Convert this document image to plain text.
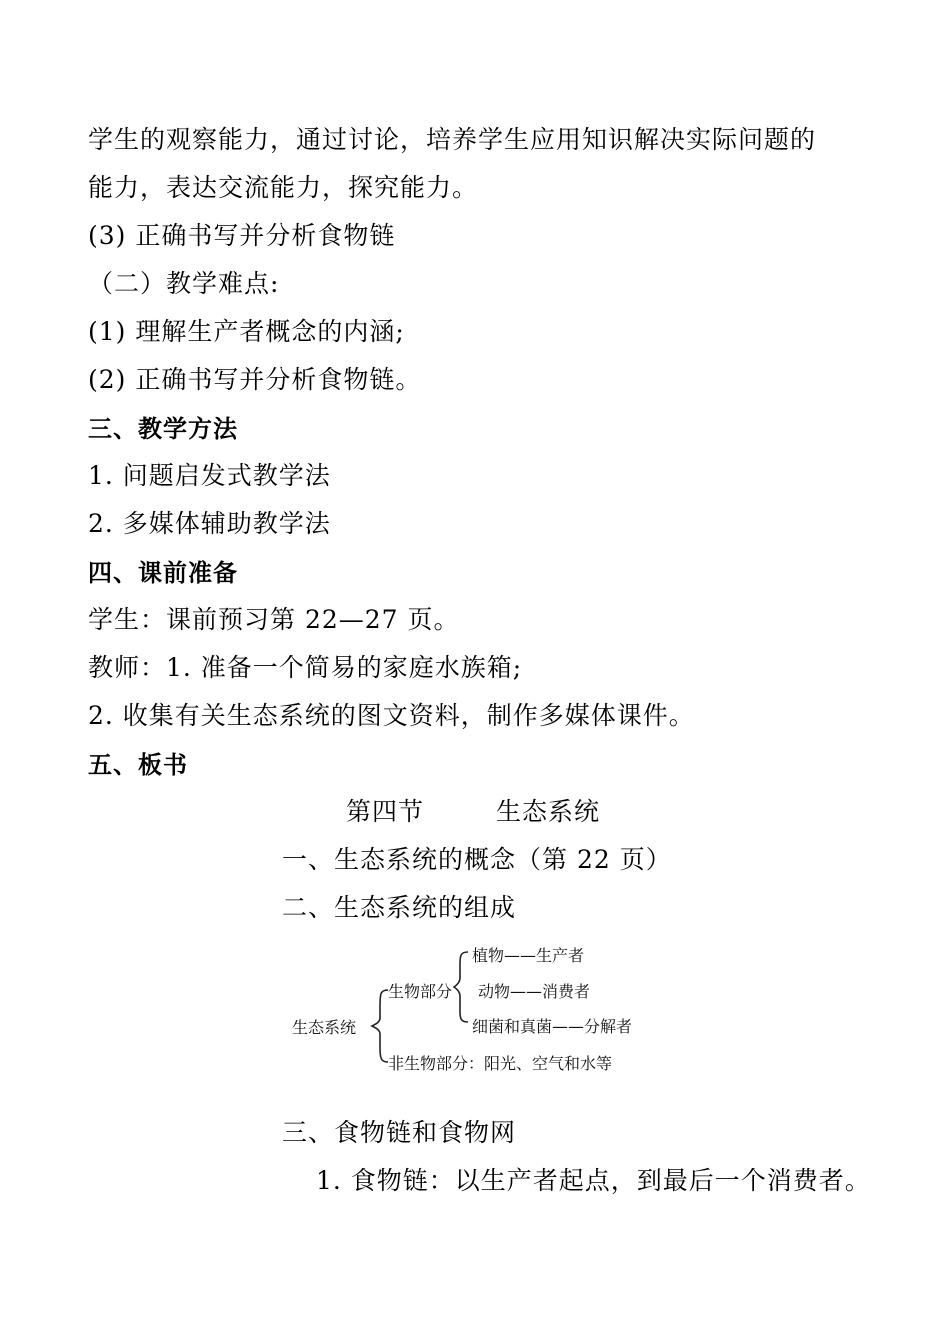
学生的观察能力，通过讨论，培养学生应用知识解决实际问题的
能力，表达交流能力，探究能力。
(3) 正确书写并分析食物链
（二）教学难点:
(1) 理解生产者概念的内涵;
(2) 正确书写并分析食物链。
三、教学方法
1. 问题启发式教学法
2. 多媒体辅助教学法
四、课前准备
学生：课前预习第 22—27 页。
教师：1. 准备一个简易的家庭水族箱;
2. 收集有关生态系统的图文资料，制作多媒体课件。
五、板书
第四节	生态系统
一、生态系统的概念（第 22 页）
二、生态系统的组成
生态系统
生物部分
非生物部分：阳光、空气和水等
植物——生产者
动物——消费者
细菌和真菌——分解者
三、食物链和食物网
1. 食物链：以生产者起点，到最后一个消费者。
